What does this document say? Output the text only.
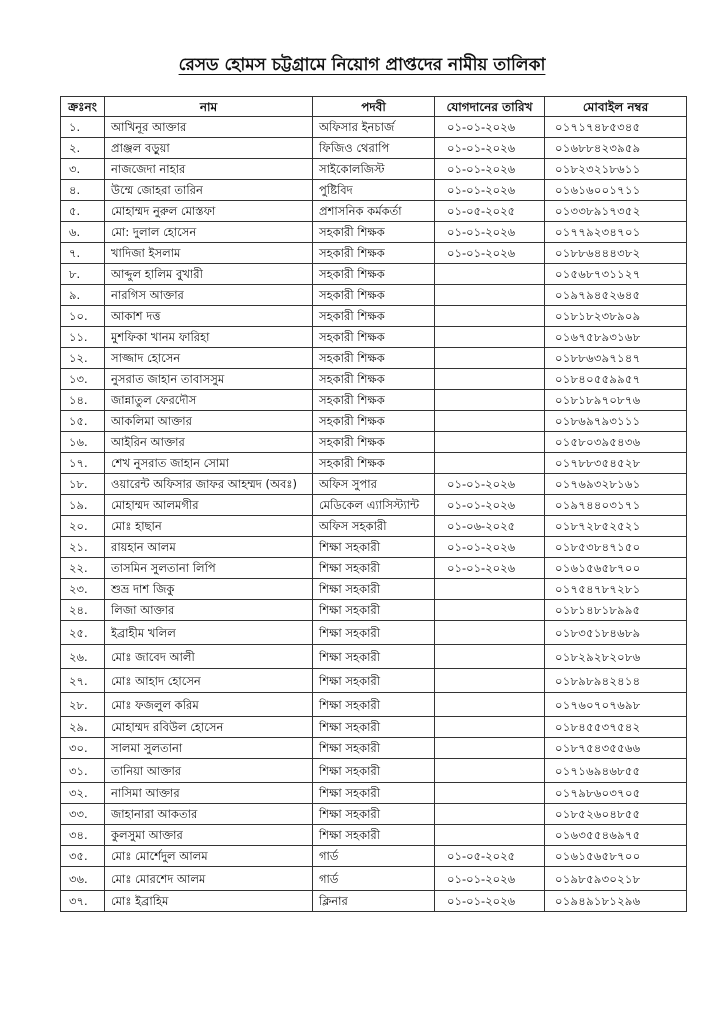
রেসড হোমস চট্টগ্রামে নিয়োগ প্রাপ্তদের নামীয় তালিকা
ক্রঃনং	নাম	পদবী	যোগদানের তারিখ	মোবাইল নম্বর
১.	আখিনূর আক্তার	অফিসার ইনচার্জ	০১-০১-২০২৬	০১৭১৭৪৮৫৩৪৫
২.	প্রাঞ্জল বড়ুয়া	ফিজিও থেরাপি	০১-০১-২০২৬	০১৬৮৮৪২৩৯৫৯
৩.	নাজজেদা নাহার	সাইকোলজিস্ট	০১-০১-২০২৬	০১৮২৩২১৮৬১১
৪.	উম্মে জোহরা তারিন	পুষ্টিবিদ	০১-০১-২০২৬	০১৬১৬০০১৭১১
৫.	মোহাম্মদ নুরুল মোস্তফা	প্রশাসনিক কর্মকর্তা	০১-০৫-২০২৫	০১৩৩৮৯১৭৩৫২
৬.	মো: দুলাল হোসেন	সহকারী শিক্ষক	০১-০১-২০২৬	০১৭৭৯২৩৪৭০১
৭.	খাদিজা ইসলাম	সহকারী শিক্ষক	০১-০১-২০২৬	০১৮৮৬৪৪৪৩৮২
৮.	আব্দুল হালিম বুখারী	সহকারী শিক্ষক		০১৫৬৮৭৩১১২৭
৯.	নারগিস আক্তার	সহকারী শিক্ষক		০১৯৭৯৪৫২৬৪৫
১০.	আকাশ দত্ত	সহকারী শিক্ষক		০১৮১৮২৩৮৯০৯
১১.	মুশফিকা খানম ফারিহা	সহকারী শিক্ষক		০১৬৭৫৮৯৩১৬৮
১২.	সাজ্জাদ হোসেন	সহকারী শিক্ষক		০১৮৮৬৩৯৭১৪৭
১৩.	নুসরাত জাহান তাবাসসুম	সহকারী শিক্ষক		০১৮৪০৫৫৯৯৫৭
১৪.	জান্নাতুল ফেরদৌস	সহকারী শিক্ষক		০১৮১৮৯৭০৮৭৬
১৫.	আকলিমা আক্তার	সহকারী শিক্ষক		০১৮৬৯৭৯৩১১১
১৬.	আইরিন আক্তার	সহকারী শিক্ষক		০১৫৮০৩৯৫৪৩৬
১৭.	শেখ নুসরাত জাহান সোমা	সহকারী শিক্ষক		০১৭৮৮৩৫৪৫২৮
১৮.	ওয়ারেন্ট অফিসার জাফর আহম্মদ (অবঃ)	অফিস সুপার	০১-০১-২০২৬	০১৭৬৯৩২৮১৬১
১৯.	মোহাম্মদ আলমগীর	মেডিকেল এ্যাসিস্ট্যান্ট	০১-০১-২০২৬	০১৯৭৪৪০৩১৭১
২০.	মোঃ হাছান	অফিস সহকারী	০১-০৬-২০২৫	০১৮৭২৮৫২৫২১
২১.	রায়হান আলম	শিক্ষা সহকারী	০১-০১-২০২৬	০১৮৫৩৮৪৭১৫০
২২.	তাসমিন সুলতানা লিপি	শিক্ষা সহকারী	০১-০১-২০২৬	০১৬১৫৬৫৮৭০০
২৩.	শুভ্র দাশ জিকু	শিক্ষা সহকারী		০১৭৫৪৭৮৭২৮১
২৪.	লিজা আক্তার	শিক্ষা সহকারী		০১৮১৪৮১৮৯৯৫
২৫.	ইব্রাহীম খলিল	শিক্ষা সহকারী		০১৮৩৫১৮৪৬৮৯
২৬.	মোঃ জাবেদ আলী	শিক্ষা সহকারী		০১৮২৯২৮২০৮৬
২৭.	মোঃ আহাদ হোসেন	শিক্ষা সহকারী		০১৮৯৮৯৪২৪১৪
২৮.	মোঃ ফজলুল করিম	শিক্ষা সহকারী		০১৭৬০৭০৭৬৯৮
২৯.	মোহাম্মদ রবিউল হোসেন	শিক্ষা সহকারী		০১৮৪৫৫৩৭৫৪২
৩০.	সালমা সুলতানা	শিক্ষা সহকারী		০১৮৭৫৪৩৫৫৬৬
৩১.	তানিয়া আক্তার	শিক্ষা সহকারী		০১৭১৬৯৪৬৮৫৫
৩২.	নাসিমা আক্তার	শিক্ষা সহকারী		০১৭৯৮৬০৩৭০৫
৩৩.	জাহানারা আকতার	শিক্ষা সহকারী		০১৮৫২৬০৪৮৫৫
৩৪.	কুলসুমা আক্তার	শিক্ষা সহকারী		০১৬৩৫৫৪৬৯৭৫
৩৫.	মোঃ মোর্শেদুল আলম	গার্ড	০১-০৫-২০২৫	০১৬১৫৬৫৮৭০০
৩৬.	মোঃ মোরশেদ আলম	গার্ড	০১-০১-২০২৬	০১৯৮৫৯৩০২১৮
৩৭.	মোঃ ইব্রাহিম	ক্লিনার	০১-০১-২০২৬	০১৯৪৯১৮১২৯৬
